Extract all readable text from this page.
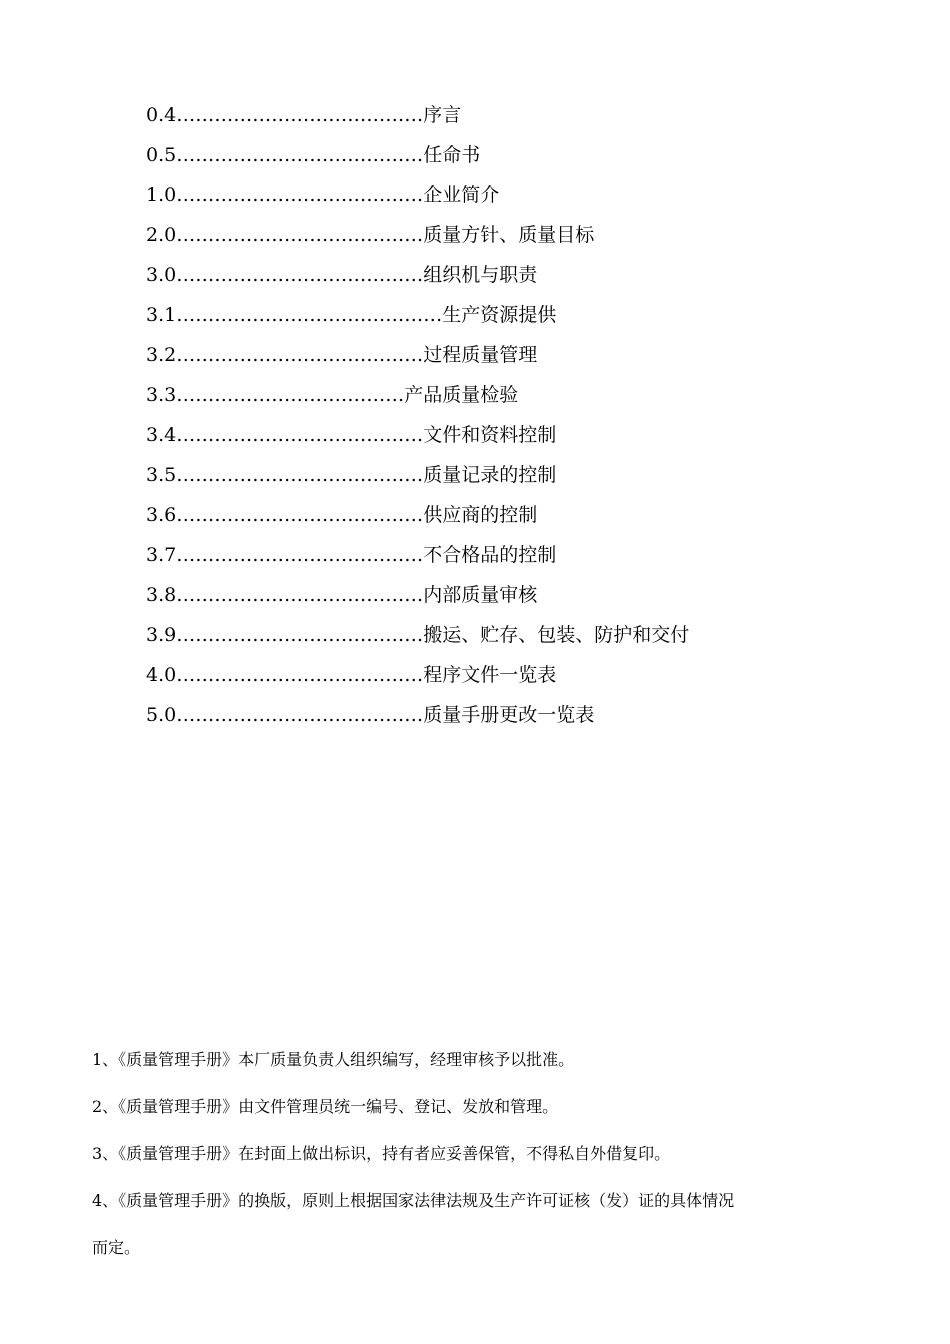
0.4…………………………………序言
0.5…………………………………任命书
1.0…………………………………企业简介
2.0…………………………………质量方针、质量目标
3.0…………………………………组织机与职责
3.1……………………………………生产资源提供
3.2…………………………………过程质量管理
3.3………………………………产品质量检验
3.4…………………………………文件和资料控制
3.5…………………………………质量记录的控制
3.6…………………………………供应商的控制
3.7…………………………………不合格品的控制
3.8…………………………………内部质量审核
3.9…………………………………搬运、贮存、包装、防护和交付
4.0…………………………………程序文件一览表
5.0…………………………………质量手册更改一览表
1、《质量管理手册》本厂质量负责人组织编写，经理审核予以批准。
2、《质量管理手册》由文件管理员统一编号、登记、发放和管理。
3、《质量管理手册》在封面上做出标识，持有者应妥善保管，不得私自外借复印。
4、《质量管理手册》的换版，原则上根据国家法律法规及生产许可证核（发）证的具体情况
而定。
